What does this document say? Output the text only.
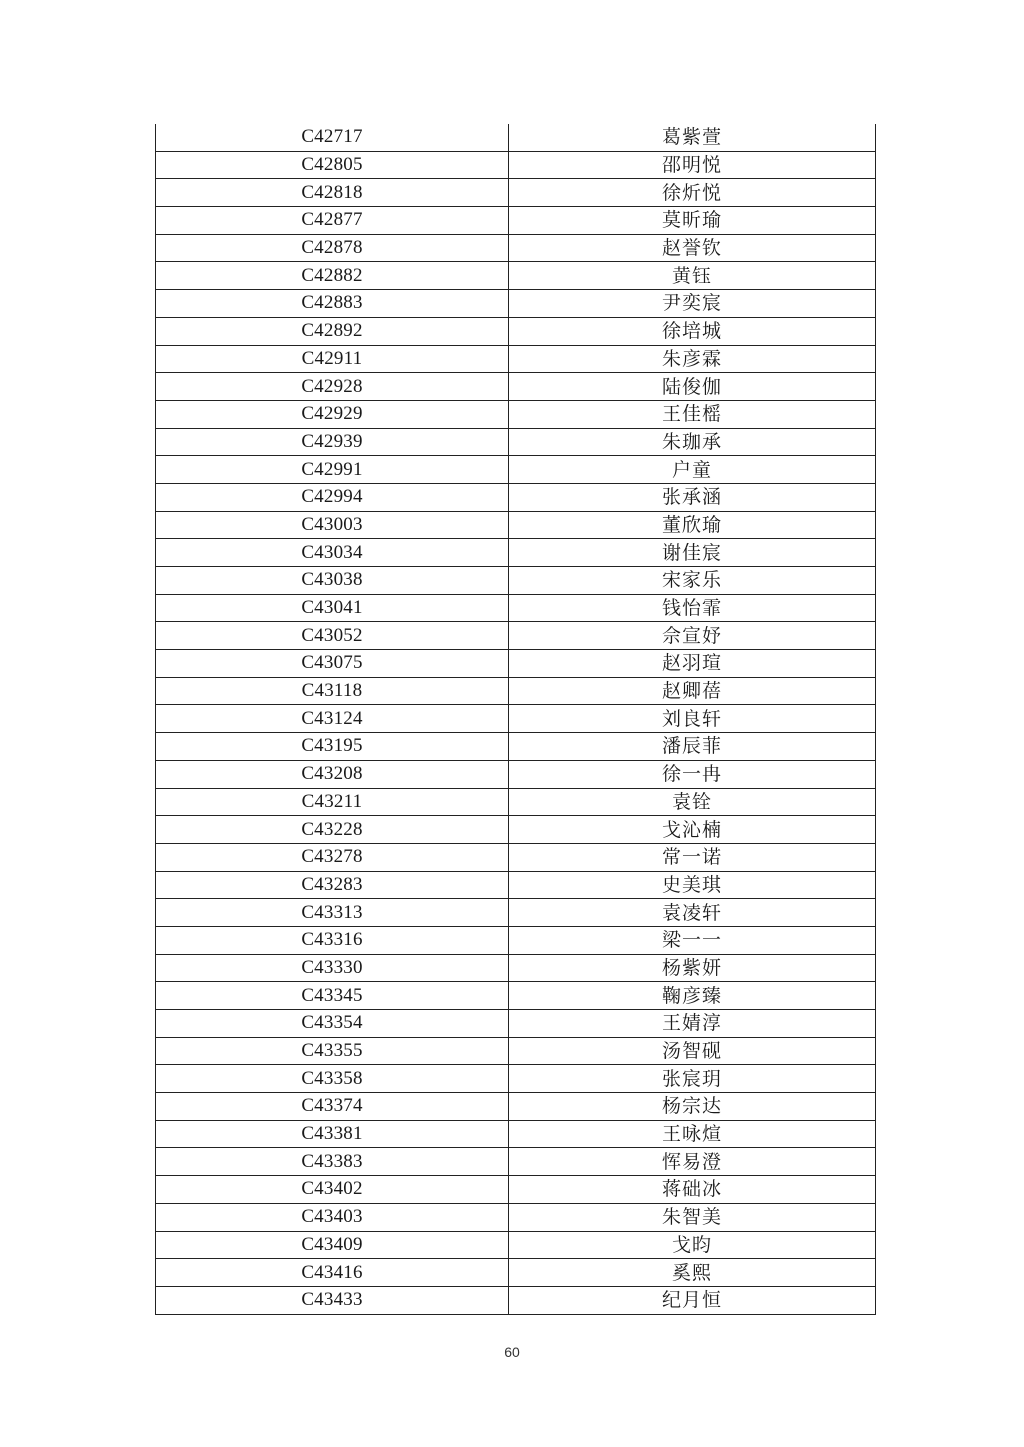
C42717	葛紫萱
C42805	邵明悦
C42818	徐炘悦
C42877	莫昕瑜
C42878	赵誉钦
C42882	黄钰
C42883	尹奕宸
C42892	徐培城
C42911	朱彦霖
C42928	陆俊伽
C42929	王佳榣
C42939	朱珈承
C42991	户童
C42994	张承涵
C43003	董欣瑜
C43034	谢佳宸
C43038	宋家乐
C43041	钱怡霏
C43052	佘宣妤
C43075	赵羽瑄
C43118	赵卿蓓
C43124	刘良轩
C43195	潘辰菲
C43208	徐一冉
C43211	袁铨
C43228	戈沁楠
C43278	常一诺
C43283	史美琪
C43313	袁凌轩
C43316	梁一一
C43330	杨紫妍
C43345	鞠彦臻
C43354	王婧淳
C43355	汤智砚
C43358	张宸玥
C43374	杨宗达
C43381	王咏煊
C43383	恽易澄
C43402	蒋础冰
C43403	朱智美
C43409	戈昀
C43416	奚熙
C43433	纪月恒
60
